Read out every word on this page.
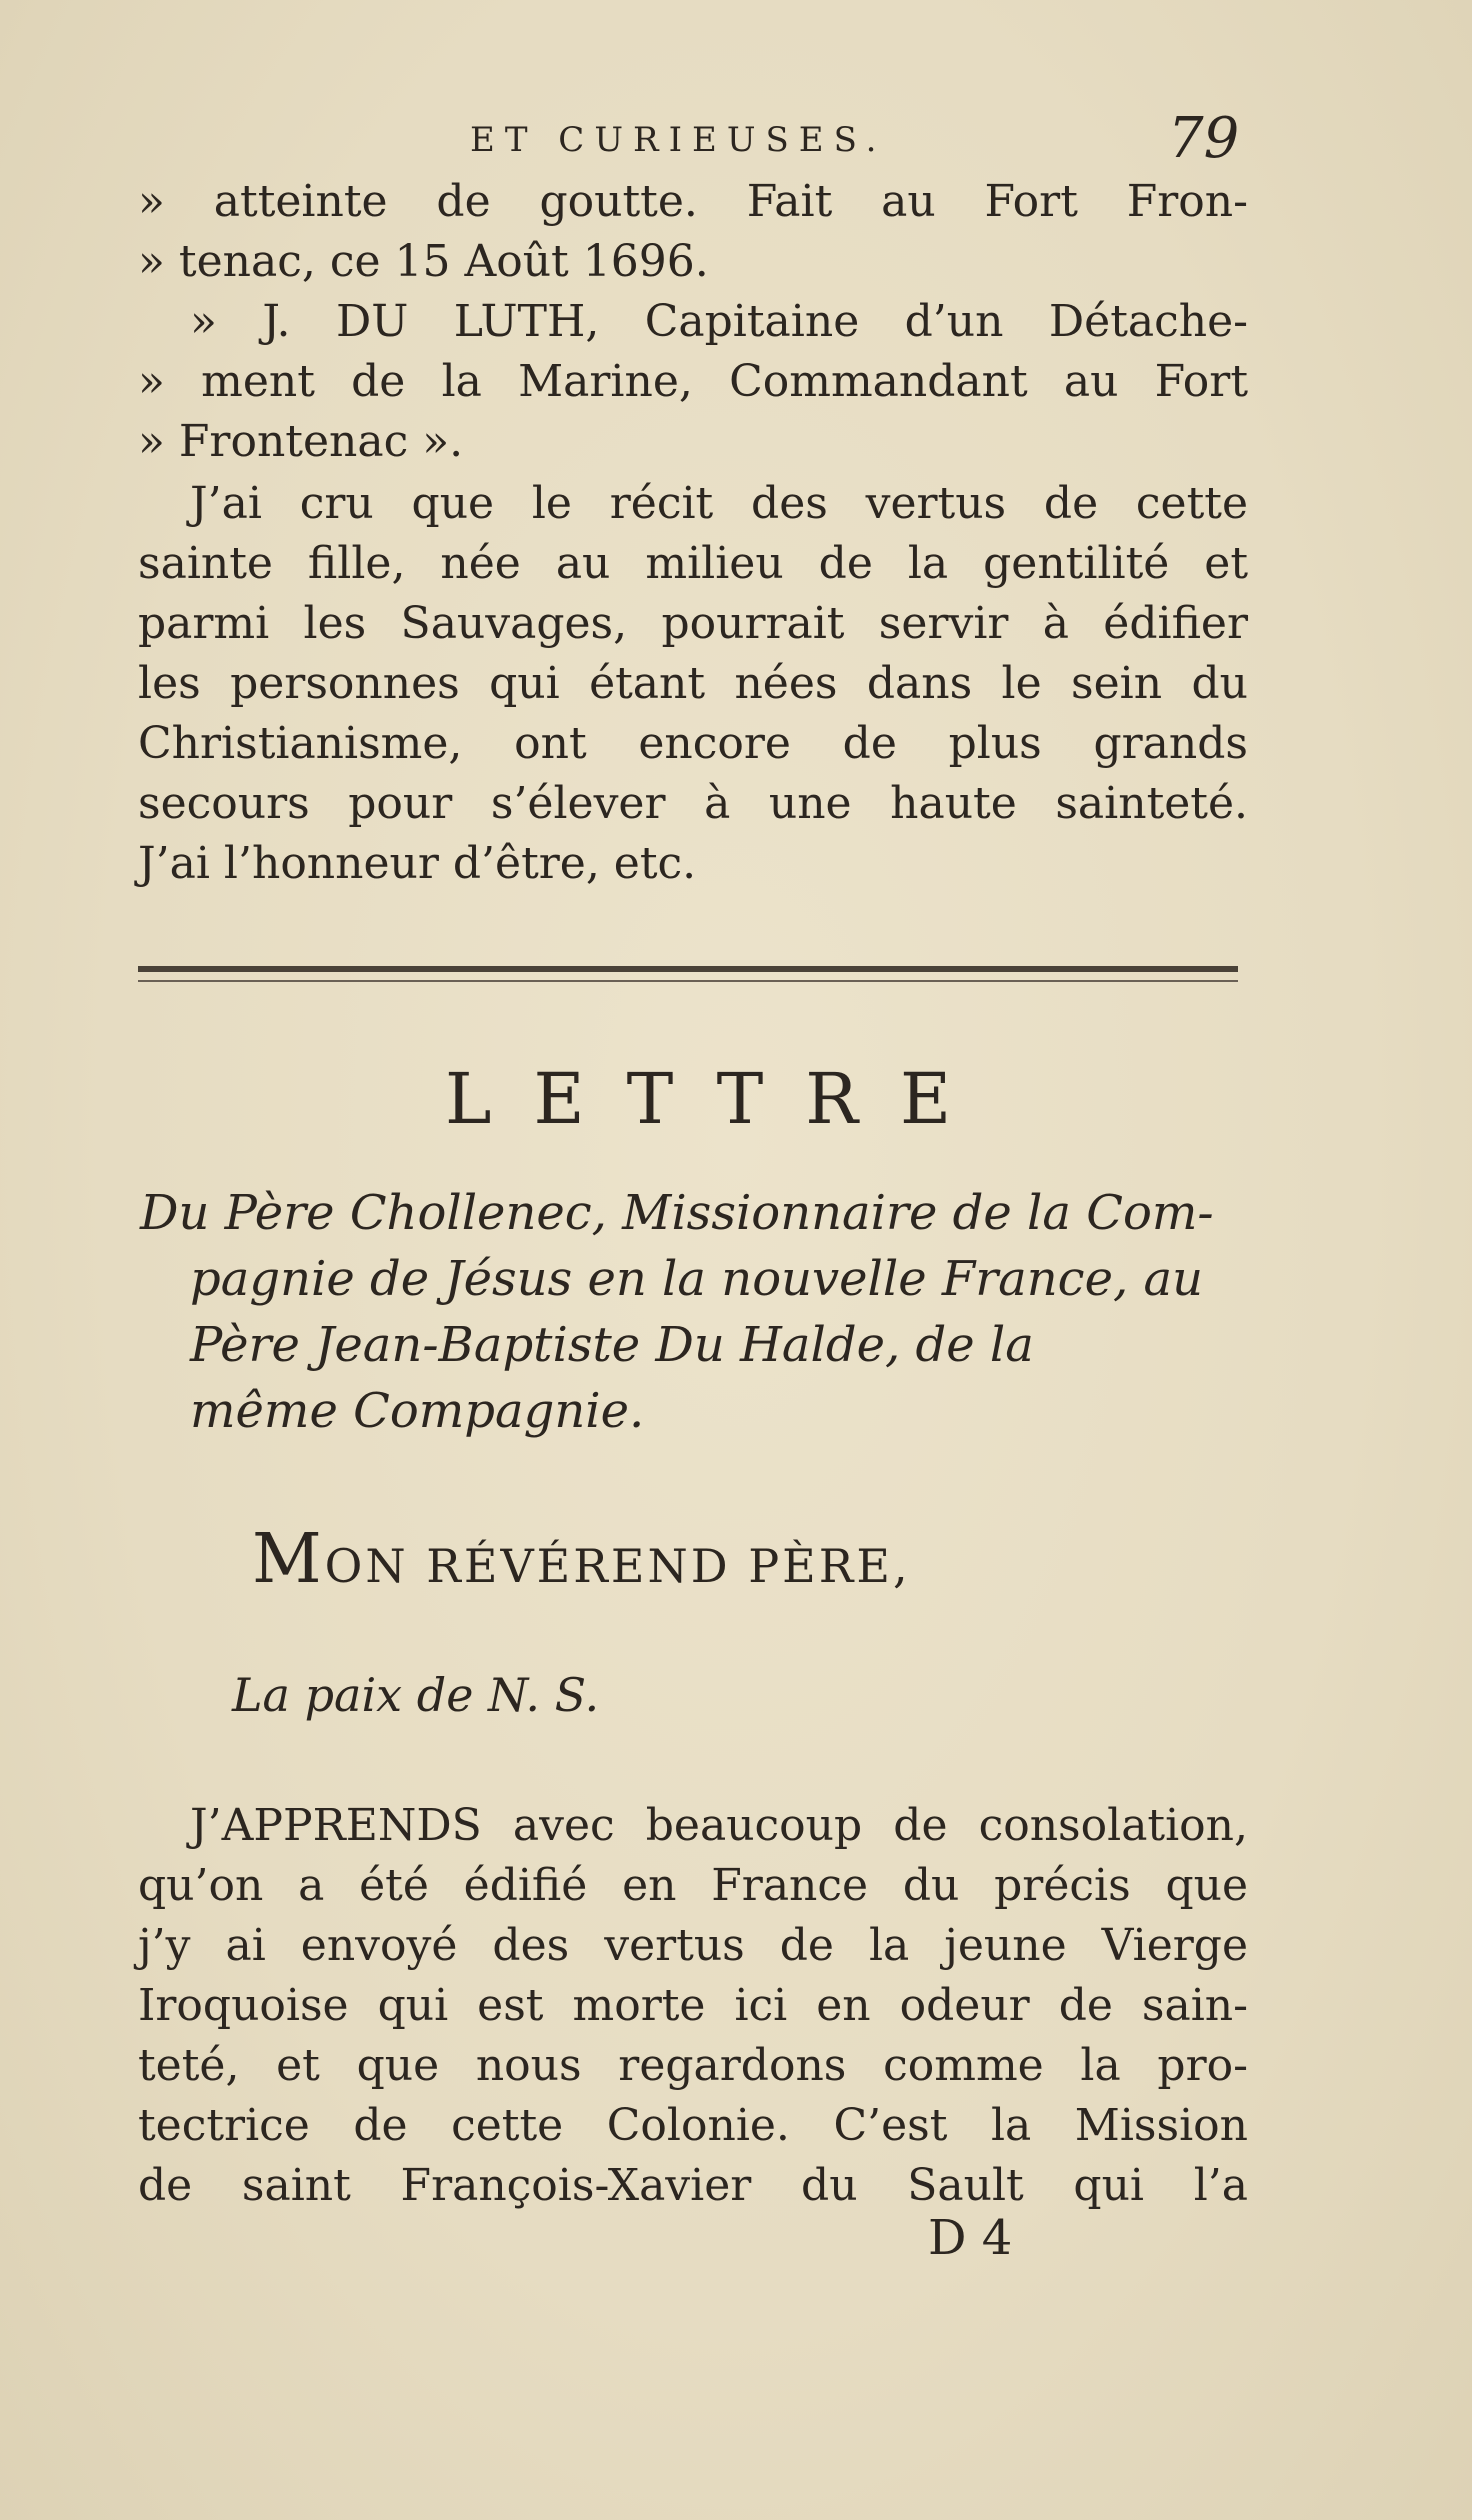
ET CURIEUSES.	79
» atteinte de goutte. Fait au Fort Fron-
» tenac, ce 15 Août 1696.
» J. DU LUTH, Capitaine d’un Détache-
» ment de la Marine, Commandant au Fort
» Frontenac ».
J’ai cru que le récit des vertus de cette
sainte fille, née au milieu de la gentilité et
parmi les Sauvages, pourrait servir à édifier
les personnes qui étant nées dans le sein du
Christianisme, ont encore de plus grands
secours pour s’élever à une haute sainteté.
J’ai l’honneur d’être, etc.
LETTRE
Du Père Chollenec, Missionnaire de la Com-
pagnie de Jésus en la nouvelle France, au
Père Jean-Baptiste Du Halde, de la
même Compagnie.
MON RÉVÉREND PÈRE,
La paix de N. S.
J’APPRENDS avec beaucoup de consolation,
qu’on a été édifié en France du précis que
j’y ai envoyé des vertus de la jeune Vierge
Iroquoise qui est morte ici en odeur de sain-
teté, et que nous regardons comme la pro-
tectrice de cette Colonie. C’est la Mission
de saint François-Xavier du Sault qui l’a
D 4
